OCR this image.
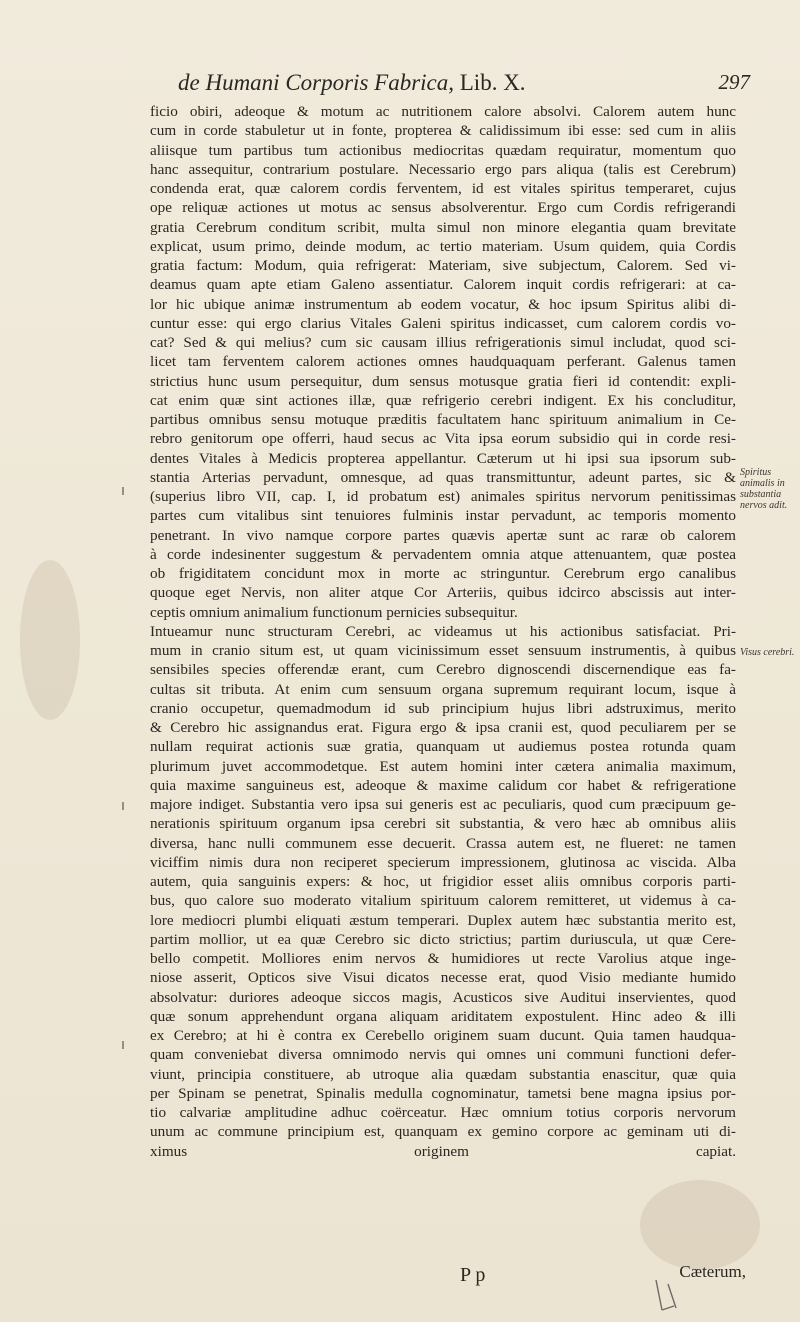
de Humani Corporis Fabrica, Lib. X.	297

ficio obiri, adeoque & motum ac nutritionem calore absolvi. Calorem autem hunc

cum in corde stabuletur ut in fonte, propterea & calidissimum ibi esse: sed cum in aliis

aliisque tum partibus tum actionibus mediocritas quædam requiratur, momentum quo

hanc assequitur, contrarium postulare. Necessario ergo pars aliqua (talis est Cerebrum)

condenda erat, quæ calorem cordis ferventem, id est vitales spiritus temperaret, cujus

ope reliquæ actiones ut motus ac sensus absolverentur. Ergo cum Cordis refrigerandi

gratia Cerebrum conditum scribit, multa simul non minore elegantia quam brevitate

explicat, usum primo, deinde modum, ac tertio materiam. Usum quidem, quia Cordis

gratia factum: Modum, quia refrigerat: Materiam, sive subjectum, Calorem. Sed vi-

deamus quam apte etiam Galeno assentiatur. Calorem inquit cordis refrigerari: at ca-

lor hic ubique animæ instrumentum ab eodem vocatur, & hoc ipsum Spiritus alibi di-

cuntur esse: qui ergo clarius Vitales Galeni spiritus indicasset, cum calorem cordis vo-

cat? Sed & qui melius? cum sic causam illius refrigerationis simul includat, quod sci-

licet tam ferventem calorem actiones omnes haudquaquam perferant. Galenus tamen

strictius hunc usum persequitur, dum sensus motusque gratia fieri id contendit: expli-

cat enim quæ sint actiones illæ, quæ refrigerio cerebri indigent. Ex his concluditur,

partibus omnibus sensu motuque præditis facultatem hanc spirituum animalium in Ce-

rebro genitorum ope offerri, haud secus ac Vita ipsa eorum subsidio qui in corde resi-

dentes Vitales à Medicis propterea appellantur. Cæterum ut hi ipsi sua ipsorum sub-

stantia Arterias pervadunt, omnesque, ad quas transmittuntur, adeunt partes, sic &

(superius libro VII, cap. I, id probatum est) animales spiritus nervorum penitissimas

partes cum vitalibus sint tenuiores fulminis instar pervadunt, ac temporis momento

penetrant. In vivo namque corpore partes quævis apertæ sunt ac raræ ob calorem

à corde indesinenter suggestum & pervadentem omnia atque attenuantem, quæ postea

ob frigiditatem concidunt mox in morte ac stringuntur. Cerebrum ergo canalibus

quoque eget Nervis, non aliter atque Cor Arteriis, quibus idcirco abscissis aut inter-

ceptis omnium animalium functionum pernicies subsequitur.

Intueamur nunc structuram Cerebri, ac videamus ut his actionibus satisfaciat. Pri-

mum in cranio situm est, ut quam vicinissimum esset sensuum instrumentis, à quibus

sensibiles species offerendæ erant, cum Cerebro dignoscendi discernendique eas fa-

cultas sit tributa. At enim cum sensuum organa supremum requirant locum, isque à

cranio occupetur, quemadmodum id sub principium hujus libri adstruximus, merito

& Cerebro hic assignandus erat. Figura ergo & ipsa cranii est, quod peculiarem per se

nullam requirat actionis suæ gratia, quanquam ut audiemus postea rotunda quam

plurimum juvet accommodetque. Est autem homini inter cætera animalia maximum,

quia maxime sanguineus est, adeoque & maxime calidum cor habet & refrigeratione

majore indiget. Substantia vero ipsa sui generis est ac peculiaris, quod cum præcipuum ge-

nerationis spirituum organum ipsa cerebri sit substantia, & vero hæc ab omnibus aliis

diversa, hanc nulli communem esse decuerit. Crassa autem est, ne flueret: ne tamen

viciffim nimis dura non reciperet specierum impressionem, glutinosa ac viscida. Alba

autem, quia sanguinis expers: & hoc, ut frigidior esset aliis omnibus corporis parti-

bus, quo calore suo moderato vitalium spirituum calorem remitteret, ut videmus à ca-

lore mediocri plumbi eliquati æstum temperari. Duplex autem hæc substantia merito est,

partim mollior, ut ea quæ Cerebro sic dicto strictius; partim duriuscula, ut quæ Cere-

bello competit. Molliores enim nervos & humidiores ut recte Varolius atque inge-

niose asserit, Opticos sive Visui dicatos necesse erat, quod Visio mediante humido

absolvatur: duriores adeoque siccos magis, Acusticos sive Auditui inservientes, quod

quæ sonum apprehendunt organa aliquam ariditatem expostulent. Hinc adeo & illi

ex Cerebro; at hi è contra ex Cerebello originem suam ducunt. Quia tamen haudqua-

quam conveniebat diversa omnimodo nervis qui omnes uni communi functioni defer-

viunt, principia constituere, ab utroque alia quædam substantia enascitur, quæ quia

per Spinam se penetrat, Spinalis medulla cognominatur, tametsi bene magna ipsius por-

tio calvariæ amplitudine adhuc coërceatur. Hæc omnium totius corporis nervorum

unum ac commune principium est, quanquam ex gemino corpore ac geminam uti di-

ximus originem capiat.

Spiritus animalis in substantia nervos adit.
Visus cerebri.
P p	Cæterum,
